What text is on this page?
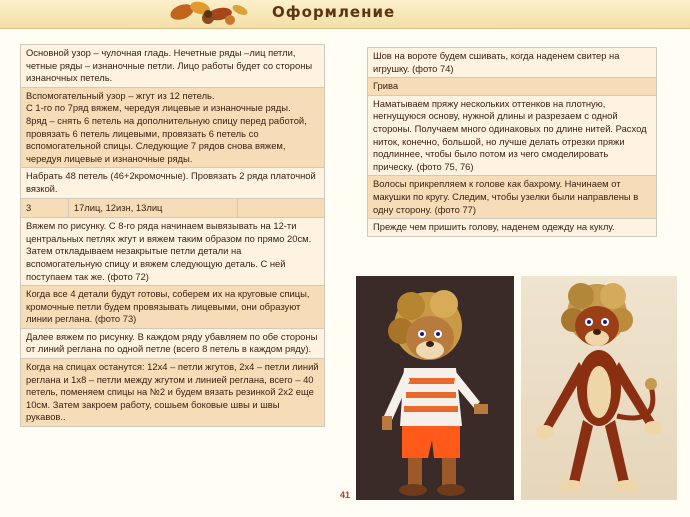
Оформление
Основной узор – чулочная гладь. Нечетные ряды –лиц петли, четные ряды – изнаночные петли. Лицо работы будет со стороны изнаночных петель.

Вспомогательный узор – жгут из 12 петель.

С 1-го по 7ряд вяжем, чередуя лицевые и изнаночные ряды.

8ряд – снять 6 петель на дополнительную спицу перед работой, провязать 6 петель лицевыми, провязать 6 петель со вспомогательной спицы. Следующие 7 рядов снова вяжем, чередуя лицевые и изнаночные ряды.

Набрать 48 петель (46+2кромочные). Провязать 2 ряда платочной вязкой.
3	17лиц, 12изн, 13лиц	
Вяжем по рисунку. С 8-го ряда начинаем вывязывать на 12-ти центральных петлях жгут и вяжем таким образом по прямо 20см. Затем откладываем незакрытые петли детали на вспомогательную спицу и вяжем следующую деталь. С ней поступаем так же. (фото 72)
Когда все 4 детали будут готовы, соберем их на круговые спицы, кромочные петли будем провязывать лицевыми, они образуют линии реглана. (фото 73)
Далее вяжем по рисунку. В каждом ряду убавляем по обе стороны от линий реглана по одной петле (всего 8 петель в каждом ряду).
Когда на спицах останутся: 12х4 – петли жгутов, 2х4 – петли линий реглана и 1х8 – петли между жгутом и линией реглана, всего – 40 петель, поменяем спицы на №2 и будем вязать резинкой 2х2 еще 10см. Затем закроем работу, сошьем боковые швы и швы рукавов..
Шов на вороте будем сшивать, когда наденем свитер на игрушку. (фото 74)
Грива
Наматываем пряжу нескольких оттенков на плотную, негнущуюся основу, нужной длины и разрезаем с одной стороны. Получаем много одинаковых по длине нитей. Расход ниток, конечно, большой, но лучше делать отрезки пряжи подлиннее, чтобы было потом из чего смоделировать прическу. (фото 75, 76)
Волосы прикрепляем к голове как бахрому. Начинаем от макушки по кругу. Следим, чтобы узелки были направлены в одну сторону. (фото 77)
Прежде чем пришить голову, наденем одежду на куклу.
41
